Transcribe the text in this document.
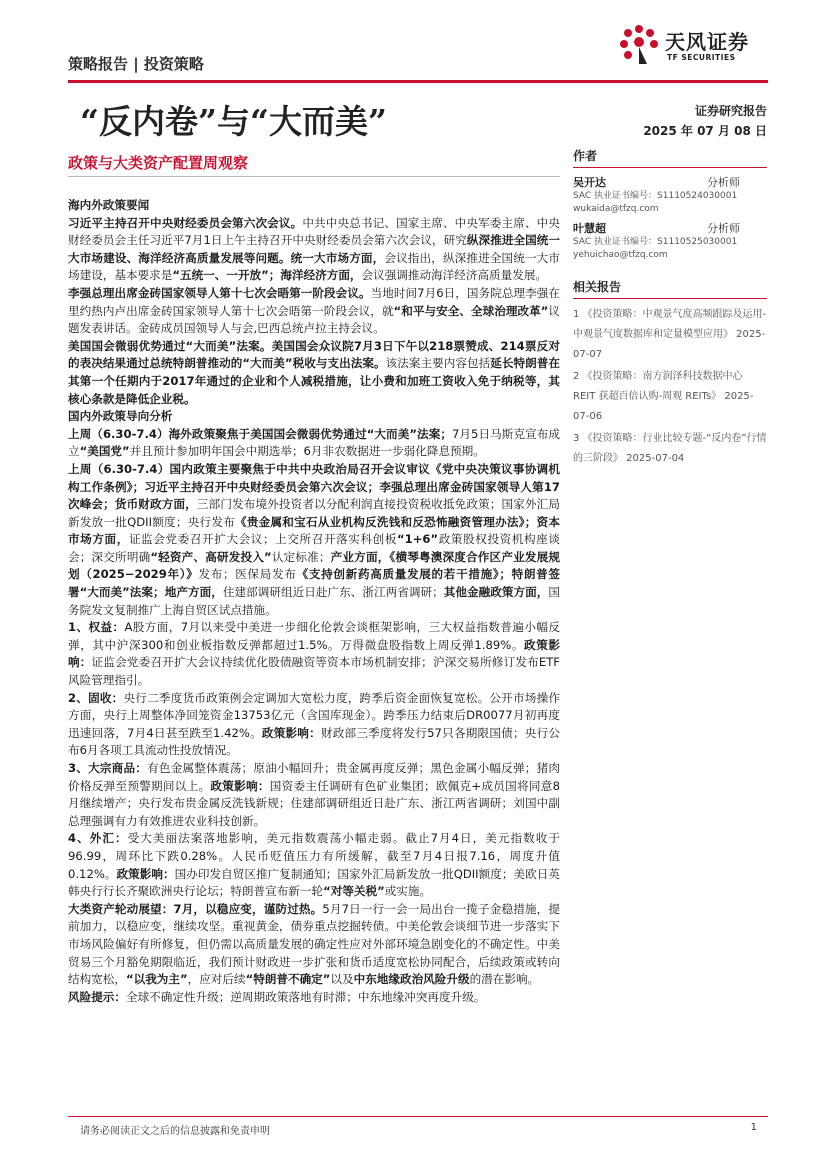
策略报告 | 投资策略
天风证券
TF SECURITIES
“反内卷”与“大而美”
政策与大类资产配置周观察
证券研究报告
2025 年 07 月 08 日

海内外政策要闻

习近平主持召开中央财经委员会第六次会议。中共中央总书记、国家主席、中央军委主席、中央财经委员会主任习近平7月1日上午主持召开中央财经委员会第六次会议，研究纵深推进全国统一大市场建设、海洋经济高质量发展等问题。统一大市场方面，会议指出，纵深推进全国统一大市场建设，基本要求是“五统一、一开放”；海洋经济方面，会议强调推动海洋经济高质量发展。

李强总理出席金砖国家领导人第十七次会晤第一阶段会议。当地时间7月6日，国务院总理李强在里约热内卢出席金砖国家领导人第十七次会晤第一阶段会议，就“和平与安全、全球治理改革”议题发表讲话。金砖成员国领导人与会,巴西总统卢拉主持会议。

美国国会微弱优势通过“大而美”法案。美国国会众议院7月3日下午以218票赞成、214票反对的表决结果通过总统特朗普推动的“大而美”税收与支出法案。该法案主要内容包括延长特朗普在其第一个任期内于2017年通过的企业和个人减税措施，让小费和加班工资收入免于纳税等，其核心条款是降低企业税。

国内外政策导向分析

上周（6.30-7.4）海外政策聚焦于美国国会微弱优势通过“大而美”法案；7月5日马斯克宣布成立“美国党”并且预计参加明年国会中期选举；6月非农数据进一步弱化降息预期。

上周（6.30-7.4）国内政策主要聚焦于中共中央政治局召开会议审议《党中央决策议事协调机构工作条例》；习近平主持召开中央财经委员会第六次会议；李强总理出席金砖国家领导人第17次峰会；货币财政方面，三部门发布境外投资者以分配利润直接投资税收抵免政策；国家外汇局新发放一批QDII额度；央行发布《贵金属和宝石从业机构反洗钱和反恐怖融资管理办法》；资本市场方面，证监会党委召开扩大会议；上交所召开落实科创板“1+6”政策股权投资机构座谈会；深交所明确“轻资产、高研发投入”认定标准；产业方面，《横琴粤澳深度合作区产业发展规划（2025−2029年）》发布；医保局发布《支持创新药高质量发展的若干措施》；特朗普签署“大而美”法案；地产方面，住建部调研组近日赴广东、浙江两省调研；其他金融政策方面，国务院发文复制推广上海自贸区试点措施。

1、权益：A股方面，7月以来受中美进一步细化伦敦会谈框架影响，三大权益指数普遍小幅反弹，其中沪深300和创业板指数反弹都超过1.5%。万得微盘股指数上周反弹1.89%。政策影响：证监会党委召开扩大会议持续优化股债融资等资本市场机制安排；沪深交易所修订发布ETF风险管理指引。

2、固收：央行二季度货币政策例会定调加大宽松力度，跨季后资金面恢复宽松。公开市场操作方面，央行上周整体净回笼资金13753亿元（含国库现金）。跨季压力结束后DR0077月初再度迅速回落，7月4日甚至跌至1.42%。政策影响：财政部三季度将发行57只各期限国债；央行公布6月各项工具流动性投放情况。

3、大宗商品：有色金属整体震荡；原油小幅回升；贵金属再度反弹；黑色金属小幅反弹；猪肉价格反弹至预警期间以上。政策影响：国资委主任调研有色矿业集团；欧佩克+成员国将同意8月继续增产；央行发布贵金属反洗钱新规；住建部调研组近日赴广东、浙江两省调研；刘国中副总理强调有力有效推进农业科技创新。

4、外汇：受大美丽法案落地影响，美元指数震荡小幅走弱。截止7月4日，美元指数收于96.99，周环比下跌0.28%。人民币贬值压力有所缓解，截至7月4日报7.16，周度升值0.12%。政策影响：国办印发自贸区推广复制通知；国家外汇局新发放一批QDII额度；美欧日英韩央行行长齐聚欧洲央行论坛；特朗普宣布新一轮“对等关税”或实施。

大类资产轮动展望：7月，以稳应变，谨防过热。5月7日一行一会一局出台一揽子金稳措施，提前加力，以稳应变，继续攻坚。重视黄金，债券重点挖掘转债。中美伦敦会谈细节进一步落实下市场风险偏好有所修复，但仍需以高质量发展的确定性应对外部环境急剧变化的不确定性。中美贸易三个月豁免期限临近，我们预计财政进一步扩张和货币适度宽松协同配合，后续政策或转向结构宽松，“以我为主”，应对后续“特朗普不确定”以及中东地缘政治风险升级的潜在影响。

风险提示：全球不确定性升级；逆周期政策落地有时滞；中东地缘冲突再度升级。

作者
吴开达	分析师
SAC 执业证书编号：S1110524030001
wukaida@tfzq.com
叶慧超	分析师
SAC 执业证书编号：S1110525030001
yehuichao@tfzq.com
相关报告
1 《投资策略：中观景气度高频跟踪及运用-中观景气度数据库和定量模型应用》 2025-07-07
2 《投资策略：南方润泽科技数据中心 REIT 获超百倍认购-周观 REITs》 2025-07-06
3 《投资策略：行业比较专题-“反内卷”行情的三阶段》 2025-07-04
请务必阅读正文之后的信息披露和免责申明	1
